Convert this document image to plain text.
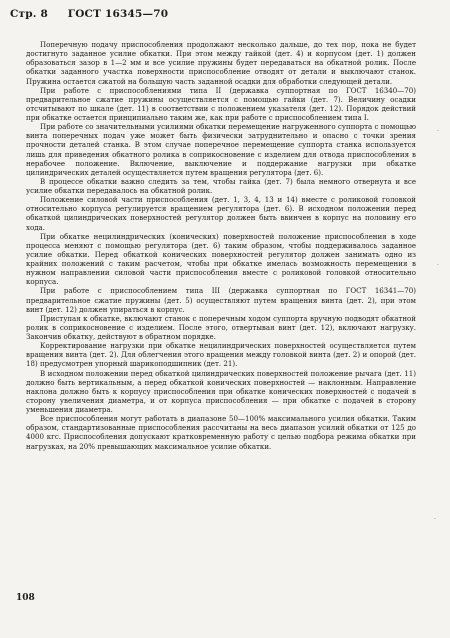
Стр. 8 ГОСТ 16345—70

Поперечную подачу приспособления продолжают несколько дальше, до тех пор, пока не будет достигнуто заданное усилие обкатки. При этом между гайкой (дет. 4) и корпусом (дет. 1) должен образоваться зазор в 1—2 мм и все усилие пружины будет передаваться на обкатной ролик. После обкатки заданного участка поверхности приспособление отводят от детали и выключают станок. Пружина остается сжатой на большую часть заданной осадки для обработки следующей детали.

При работе с приспособлениями типа II (державка суппортная по ГОСТ 16340—70) предварительное сжатие пружины осуществляется с помощью гайки (дет. 7). Величину осадки отсчитывают по шкале (дет. 11) в соответствии с положением указателя (дет. 12). Порядок действий при обкатке остается принципиально таким же, как при работе с приспособлением типа I.

При работе со значительными усилиями обкатки перемещение нагруженного суппорта с помощью винта поперечных подач уже может быть физически затруднительно и опасно с точки зрения прочности деталей станка. В этом случае поперечное перемещение суппорта станка используется лишь для приведения обкатного ролика в соприкосновение с изделием для отвода приспособления в нерабочее положение. Включение, выключение и поддержание нагрузки при обкатке цилиндрических деталей осуществляется путем вращения регулятора (дет. 6).

В процессе обкатки важно следить за тем, чтобы гайка (дет. 7) была немного отвернута и все усилие обкатки передавалось на обкатной ролик.

Положение силовой части приспособления (дет. 1, 3, 4, 13 и 14) вместе с роликовой головкой относительно корпуса регулируется вращением регулятора (дет. 6). В исходном положении перед обкаткой цилиндрических поверхностей регулятор должен быть ввинчен в корпус на половину его хода.

При обкатке нецилиндрических (конических) поверхностей положение приспособления в ходе процесса меняют с помощью регулятора (дет. 6) таким образом, чтобы поддерживалось заданное усилие обкатки. Перед обкаткой конических поверхностей регулятор должен занимать одно из крайних положений с таким расчетом, чтобы при обкатке имелась возможность перемещения в нужном направлении силовой части приспособления вместе с роликовой головкой относительно корпуса.

При работе с приспособлением типа III (державка суппортная по ГОСТ 16341—70) предварительное сжатие пружины (дет. 5) осуществляют путем вращения винта (дет. 2), при этом винт (дет. 12) должен упираться в корпус.

Приступая к обкатке, включают станок с поперечным ходом суппорта вручную подводят обкатной ролик в соприкосновение с изделием. После этого, отвертывая винт (дет. 12), включают нагрузку. Закончив обкатку, действуют в обратном порядке.

Корректирование нагрузки при обкатке нецилиндрических поверхностей осуществляется путем вращения винта (дет. 2). Для облегчения этого вращения между головкой винта (дет. 2) и опорой (дет. 18) предусмотрен упорный шарикоподшипник (дет. 21).

В исходном положении перед обкаткой цилиндрических поверхностей положение рычага (дет. 11) должно быть вертикальным, а перед обкаткой конических поверхностей — наклонным. Направление наклона должно быть к корпусу приспособления при обкатке конических поверхностей с подачей в сторону увеличения диаметра, и от корпуса приспособления — при обкатке с подачей в сторону уменьшения диаметра.

Все приспособления могут работать в диапазоне 50—100% максимального усилия обкатки. Таким образом, стандартизованные приспособления рассчитаны на весь диапазон усилий обкатки от 125 до 4000 кгс. Приспособления допускают кратковременную работу с целью подбора режима обкатки при нагрузках, на 20% превышающих максимальное усилие обкатки.

108
·
·
·
